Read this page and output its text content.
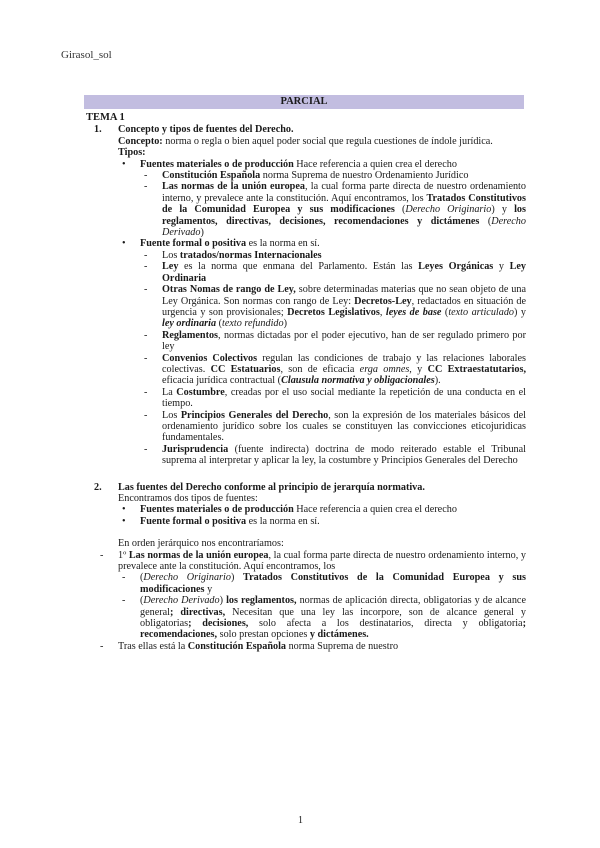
Girasol_sol
PARCIAL
TEMA 1
1. Concepto y tipos de fuentes del Derecho.
Concepto: norma o regla o bien aquel poder social que regula cuestiones de índole jurídica.
Tipos:
• Fuentes materiales o de producción Hace referencia a quien crea el derecho
- Constitución Española norma Suprema de nuestro Ordenamiento Jurídico
- Las normas de la unión europea, la cual forma parte directa de nuestro ordenamiento interno, y prevalece ante la constitución. Aquí encontramos, los Tratados Constitutivos de la Comunidad Europea y sus modificaciones (Derecho Originario) y los reglamentos, directivas, decisiones, recomendaciones y dictámenes (Derecho Derivado)
• Fuente formal o positiva es la norma en sí.
- Los tratados/normas Internacionales
- Ley es la norma que enmana del Parlamento. Están las Leyes Orgánicas y Ley Ordinaria
- Otras Nomas de rango de Ley, sobre determinadas materias que no sean objeto de una Ley Orgánica. Son normas con rango de Ley: Decretos-Ley, redactados en situación de urgencia y son provisionales; Decretos Legislativos, leyes de base (texto articulado) y ley ordinaria (texto refundido)
- Reglamentos, normas dictadas por el poder ejecutivo, han de ser regulado primero por ley
- Convenios Colectivos regulan las condiciones de trabajo y las relaciones laborales colectivas. CC Estatuarios, son de eficacia erga omnes, y CC Extraestatutarios, eficacia jurídica contractual (Clausula normativa y obligacionales).
- La Costumbre, creadas por el uso social mediante la repetición de una conducta en el tiempo.
- Los Principios Generales del Derecho, son la expresión de los materiales básicos del ordenamiento jurídico sobre los cuales se constituyen las convicciones eticojuridicas fundamentales.
- Jurisprudencia (fuente indirecta) doctrina de modo reiterado estable el Tribunal suprema al interpretar y aplicar la ley, la costumbre y Principios Generales del Derecho
2. Las fuentes del Derecho conforme al principio de jerarquía normativa.
Encontramos dos tipos de fuentes:
• Fuentes materiales o de producción Hace referencia a quien crea el derecho
• Fuente formal o positiva es la norma en sí.
En orden jerárquico nos encontraríamos:
- 1º Las normas de la unión europea, la cual forma parte directa de nuestro ordenamiento interno, y prevalece ante la constitución. Aquí encontramos, los
- (Derecho Originario) Tratados Constitutivos de la Comunidad Europea y sus modificaciones y
- (Derecho Derivado) los reglamentos, normas de aplicación directa, obligatorias y de alcance general; directivas, Necesitan que una ley las incorpore, son de alcance general y obligatorias; decisiones, solo afecta a los destinatarios, directa y obligatoria; recomendaciones, solo prestan opciones y dictámenes.
- Tras ellas está la Constitución Española norma Suprema de nuestro
1
